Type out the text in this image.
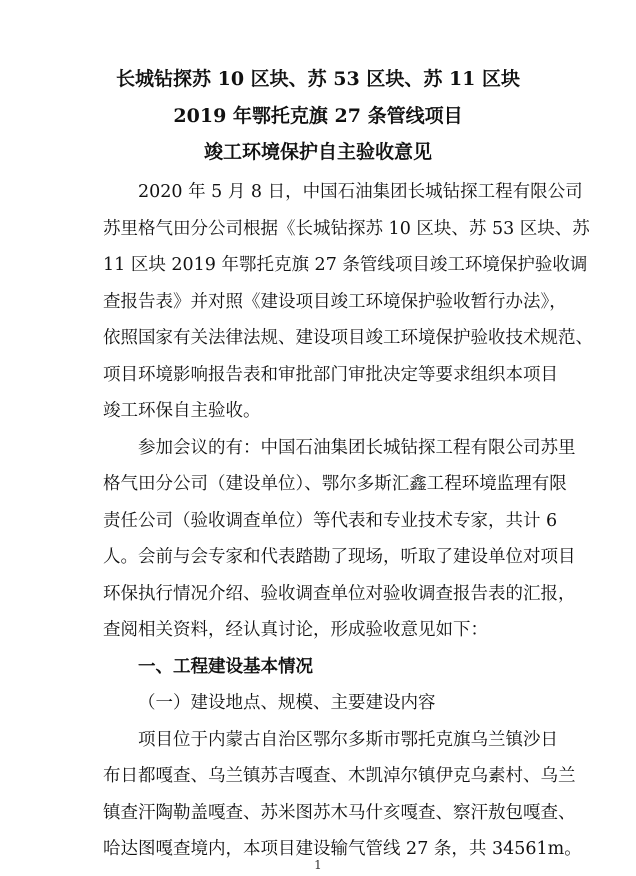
长城钻探苏 10 区块、苏 53 区块、苏 11 区块
2019 年鄂托克旗 27 条管线项目
竣工环境保护自主验收意见
2020 年 5 月 8 日，中国石油集团长城钻探工程有限公司
苏里格气田分公司根据《长城钻探苏 10 区块、苏 53 区块、苏
11 区块 2019 年鄂托克旗 27 条管线项目竣工环境保护验收调
查报告表》并对照《建设项目竣工环境保护验收暂行办法》，
依照国家有关法律法规、建设项目竣工环境保护验收技术规范、
项目环境影响报告表和审批部门审批决定等要求组织本项目
竣工环保自主验收。
参加会议的有：中国石油集团长城钻探工程有限公司苏里
格气田分公司（建设单位）、鄂尔多斯汇鑫工程环境监理有限
责任公司（验收调查单位）等代表和专业技术专家，共计 6
人。会前与会专家和代表踏勘了现场，听取了建设单位对项目
环保执行情况介绍、验收调查单位对验收调查报告表的汇报，
查阅相关资料，经认真讨论，形成验收意见如下：
一、工程建设基本情况
（一）建设地点、规模、主要建设内容
项目位于内蒙古自治区鄂尔多斯市鄂托克旗乌兰镇沙日
布日都嘎查、乌兰镇苏吉嘎查、木凯淖尔镇伊克乌素村、乌兰
镇查汗陶勒盖嘎查、苏米图苏木马什亥嘎查、察汗敖包嘎查、
哈达图嘎查境内，本项目建设输气管线 27 条，共 34561m。
1
